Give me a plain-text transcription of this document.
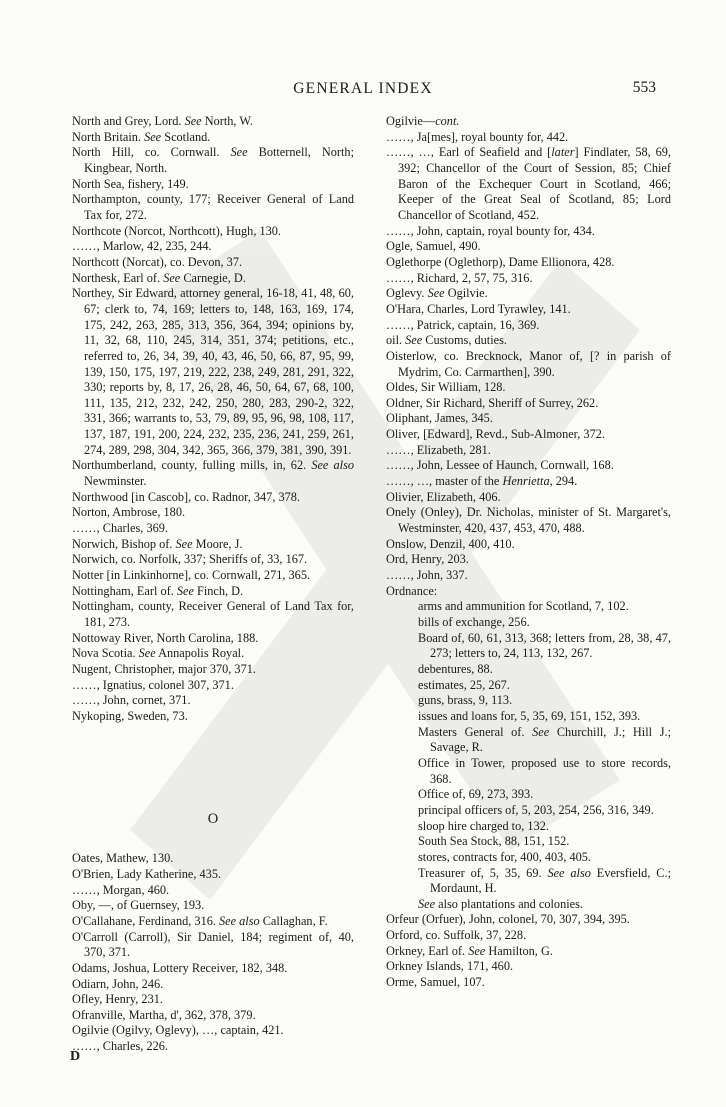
GENERAL INDEX	553
North and Grey, Lord. See North, W.
North Britain. See Scotland.
North Hill, co. Cornwall. See Botternell, North; Kingbear, North.
North Sea, fishery, 149.
Northampton, county, 177; Receiver General of Land Tax for, 272.
Northcote (Norcot, Northcott), Hugh, 130.
……, Marlow, 42, 235, 244.
Northcott (Norcat), co. Devon, 37.
Northesk, Earl of. See Carnegie, D.
Northey, Sir Edward, attorney general, 16-18, 41, 48, 60, 67; clerk to, 74, 169; letters to, 148, 163, 169, 174, 175, 242, 263, 285, 313, 356, 364, 394; opinions by, 11, 32, 68, 110, 245, 314, 351, 374; petitions, etc., referred to, 26, 34, 39, 40, 43, 46, 50, 66, 87, 95, 99, 139, 150, 175, 197, 219, 222, 238, 249, 281, 291, 322, 330; reports by, 8, 17, 26, 28, 46, 50, 64, 67, 68, 100, 111, 135, 212, 232, 242, 250, 280, 283, 290-2, 322, 331, 366; warrants to, 53, 79, 89, 95, 96, 98, 108, 117, 137, 187, 191, 200, 224, 232, 235, 236, 241, 259, 261, 274, 289, 298, 304, 342, 365, 366, 379, 381, 390, 391.
Northumberland, county, fulling mills, in, 62. See also Newminster.
Northwood [in Cascob], co. Radnor, 347, 378.
Norton, Ambrose, 180.
……, Charles, 369.
Norwich, Bishop of. See Moore, J.
Norwich, co. Norfolk, 337; Sheriffs of, 33, 167.
Notter [in Linkinhorne], co. Cornwall, 271, 365.
Nottingham, Earl of. See Finch, D.
Nottingham, county, Receiver General of Land Tax for, 181, 273.
Nottoway River, North Carolina, 188.
Nova Scotia. See Annapolis Royal.
Nugent, Christopher, major 370, 371.
……, Ignatius, colonel 307, 371.
……, John, cornet, 371.
Nykoping, Sweden, 73.
O
Oates, Mathew, 130.
O'Brien, Lady Katherine, 435.
……, Morgan, 460.
Oby, —, of Guernsey, 193.
O'Callahane, Ferdinand, 316. See also Callaghan, F.
O'Carroll (Carroll), Sir Daniel, 184; regiment of, 40, 370, 371.
Odams, Joshua, Lottery Receiver, 182, 348.
Odiarn, John, 246.
Ofley, Henry, 231.
Ofranville, Martha, d', 362, 378, 379.
Ogilvie (Ogilvy, Oglevy), …, captain, 421.
……, Charles, 226.
Ogilvie—cont.
……, Ja[mes], royal bounty for, 442.
……, …, Earl of Seafield and [later] Findlater, 58, 69, 392; Chancellor of the Court of Session, 85; Chief Baron of the Exchequer Court in Scotland, 466; Keeper of the Great Seal of Scotland, 85; Lord Chancellor of Scotland, 452.
……, John, captain, royal bounty for, 434.
Ogle, Samuel, 490.
Oglethorpe (Oglethorp), Dame Ellionora, 428.
……, Richard, 2, 57, 75, 316.
Oglevy. See Ogilvie.
O'Hara, Charles, Lord Tyrawley, 141.
……, Patrick, captain, 16, 369.
oil. See Customs, duties.
Oisterlow, co. Brecknock, Manor of, [? in parish of Mydrim, Co. Carmarthen], 390.
Oldes, Sir William, 128.
Oldner, Sir Richard, Sheriff of Surrey, 262.
Oliphant, James, 345.
Oliver, [Edward], Revd., Sub-Almoner, 372.
……, Elizabeth, 281.
……, John, Lessee of Haunch, Cornwall, 168.
……, …, master of the Henrietta, 294.
Olivier, Elizabeth, 406.
Onely (Onley), Dr. Nicholas, minister of St. Margaret's, Westminster, 420, 437, 453, 470, 488.
Onslow, Denzil, 400, 410.
Ord, Henry, 203.
……, John, 337.
Ordnance:
arms and ammunition for Scotland, 7, 102.
bills of exchange, 256.
Board of, 60, 61, 313, 368; letters from, 28, 38, 47, 273; letters to, 24, 113, 132, 267.
debentures, 88.
estimates, 25, 267.
guns, brass, 9, 113.
issues and loans for, 5, 35, 69, 151, 152, 393.
Masters General of. See Churchill, J.; Hill J.; Savage, R.
Office in Tower, proposed use to store records, 368.
Office of, 69, 273, 393.
principal officers of, 5, 203, 254, 256, 316, 349.
sloop hire charged to, 132.
South Sea Stock, 88, 151, 152.
stores, contracts for, 400, 403, 405.
Treasurer of, 5, 35, 69. See also Eversfield, C.; Mordaunt, H.
See also plantations and colonies.
Orfeur (Orfuer), John, colonel, 70, 307, 394, 395.
Orford, co. Suffolk, 37, 228.
Orkney, Earl of. See Hamilton, G.
Orkney Islands, 171, 460.
Orme, Samuel, 107.
D
